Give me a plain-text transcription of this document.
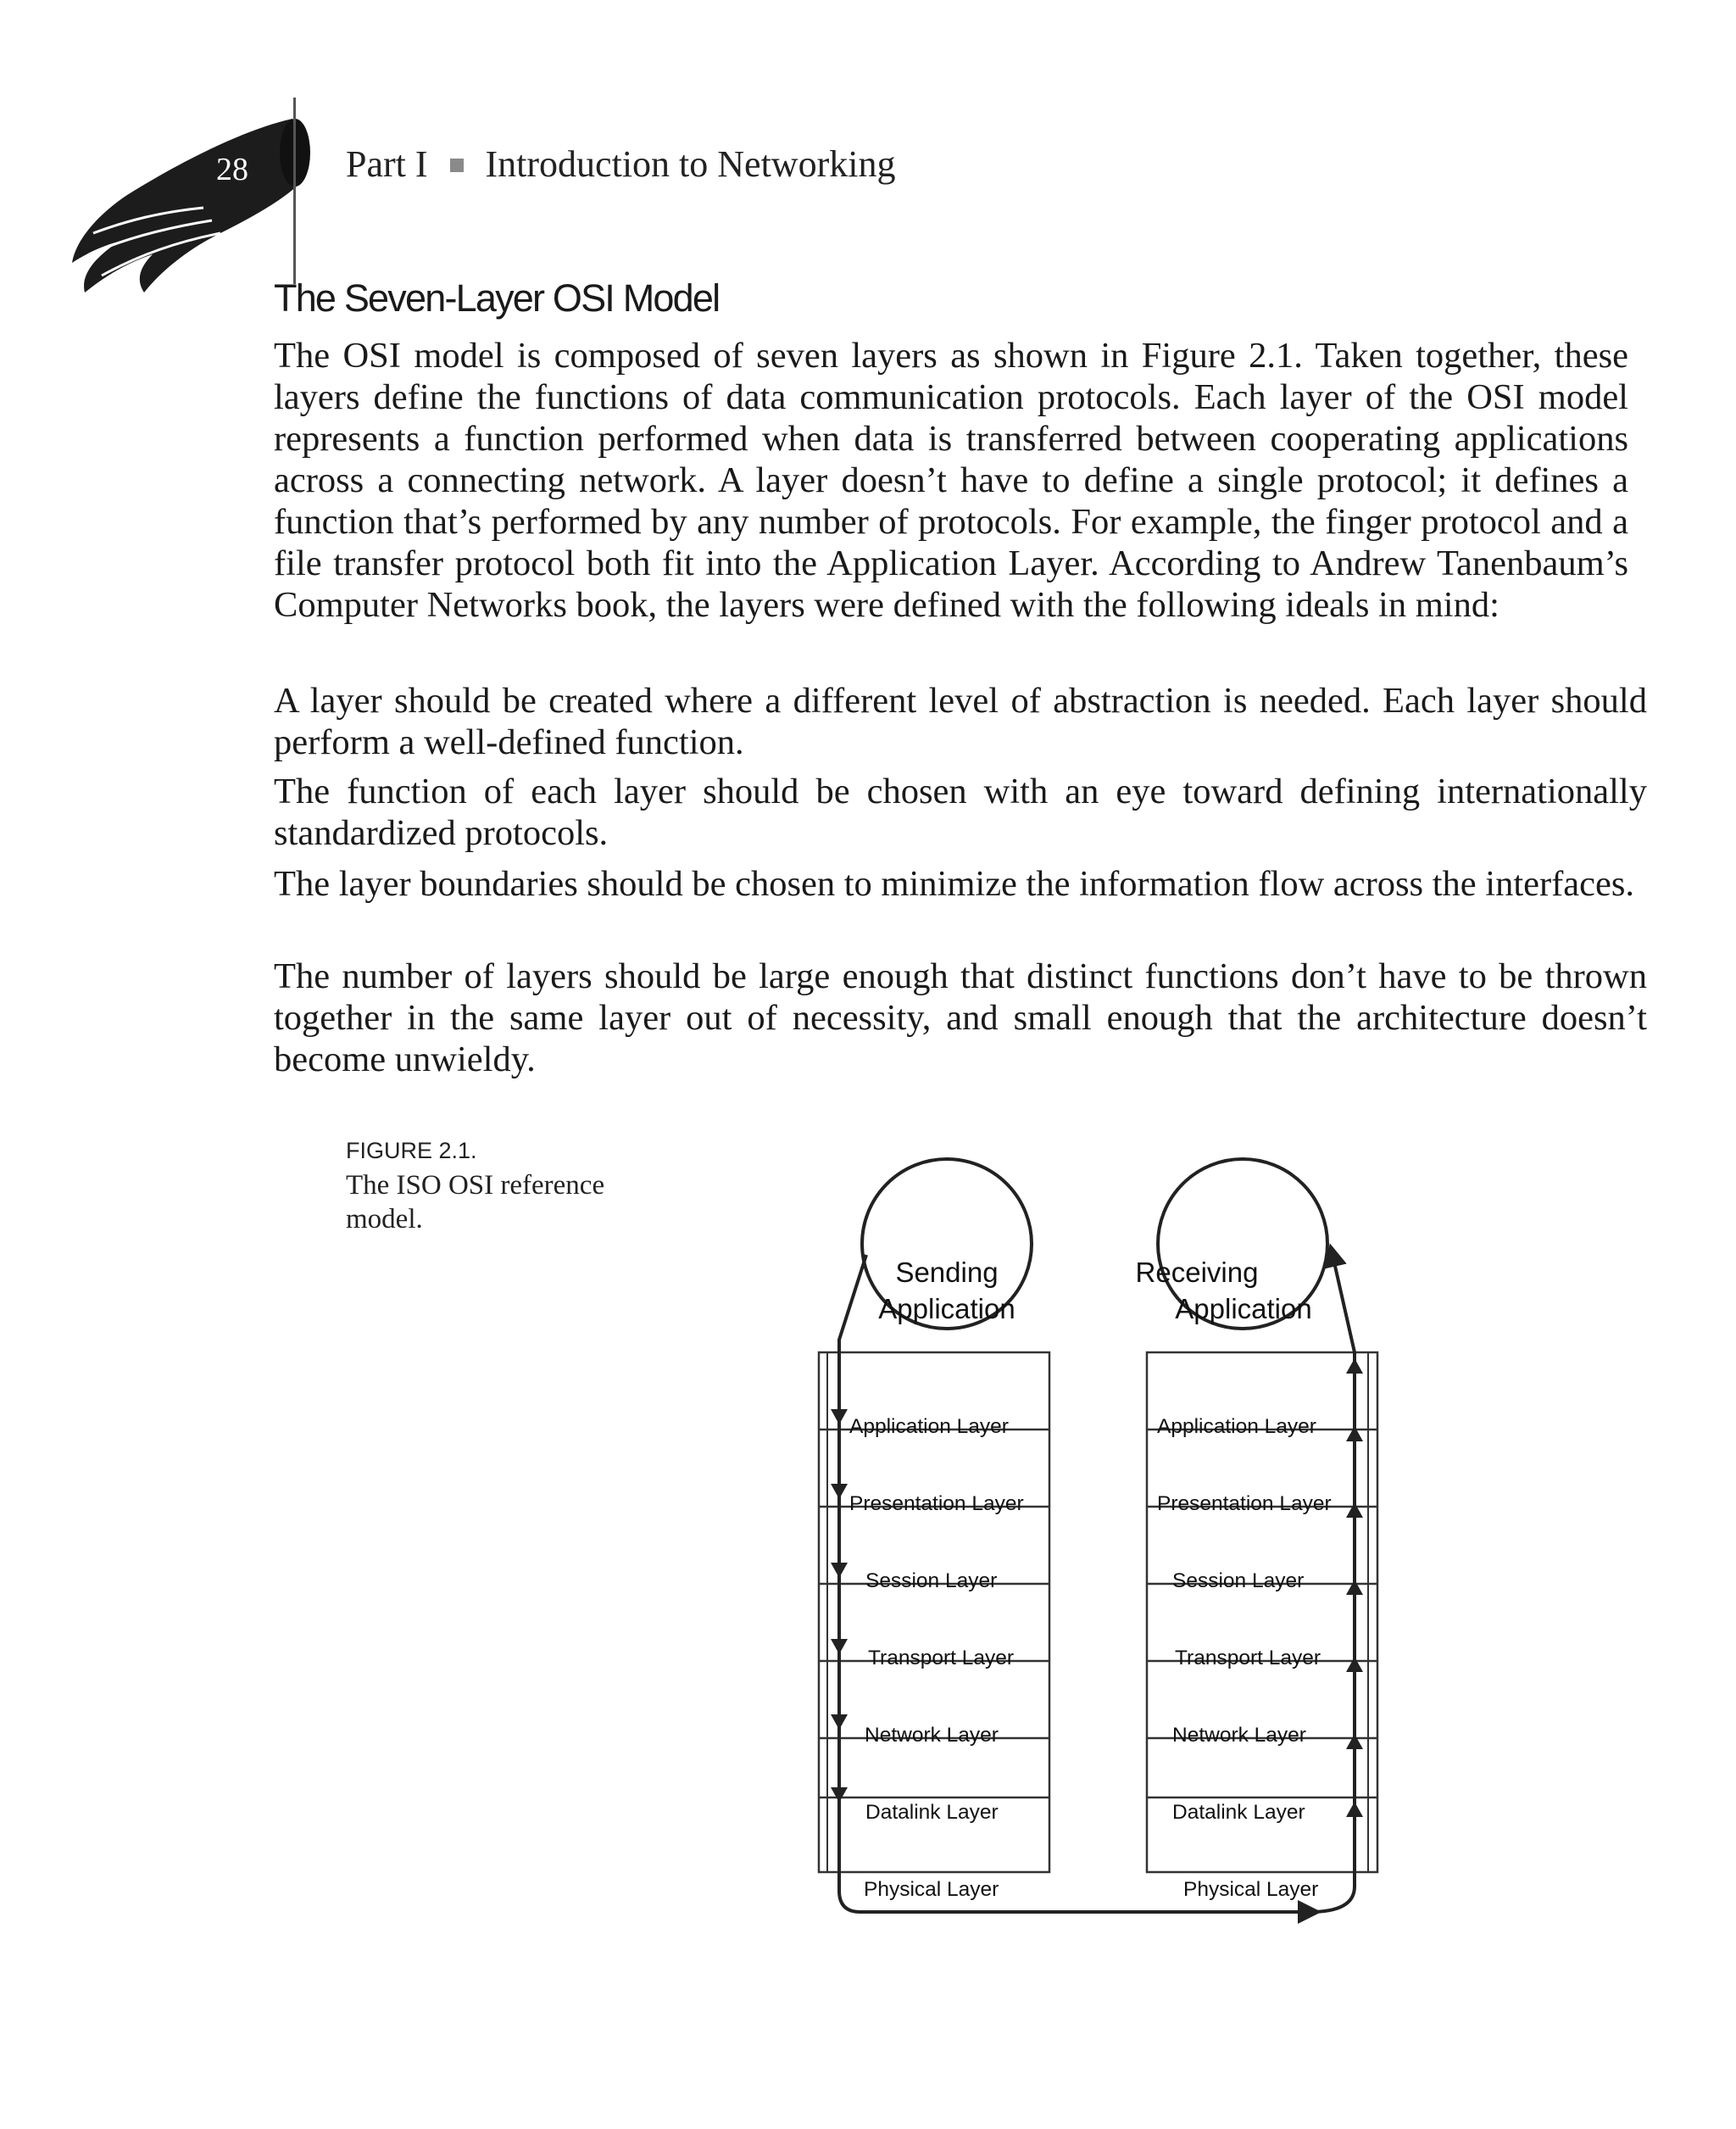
28	Part I Introduction to Networking
The Seven-Layer OSI Model
The OSI model is composed of seven layers as shown in Figure 2.1. Taken together, these layers define the functions of data communication protocols. Each layer of the OSI model represents a function performed when data is transferred between cooperating applications across a connecting network. A layer doesn’t have to define a single protocol; it defines a function that’s performed by any number of protocols. For example, the finger protocol and a file transfer protocol both fit into the Application Layer. According to Andrew Tanenbaum’s Computer Networks book, the layers were defined with the following ideals in mind:
A layer should be created where a different level of abstraction is needed. Each layer should perform a well-defined function.
The function of each layer should be chosen with an eye toward defining internationally standardized protocols.
The layer boundaries should be chosen to minimize the information flow across the interfaces.
The number of layers should be large enough that distinct functions don’t have to be thrown together in the same layer out of necessity, and small enough that the architecture doesn’t become unwieldy.
FIGURE 2.1.
The ISO OSI reference model.
Sending
Application
Receiving
Application
Application Layer
Presentation Layer
Session Layer
Transport Layer
Network Layer
Datalink Layer
Physical Layer
Application Layer
Presentation Layer
Session Layer
Transport Layer
Network Layer
Datalink Layer
Physical Layer
